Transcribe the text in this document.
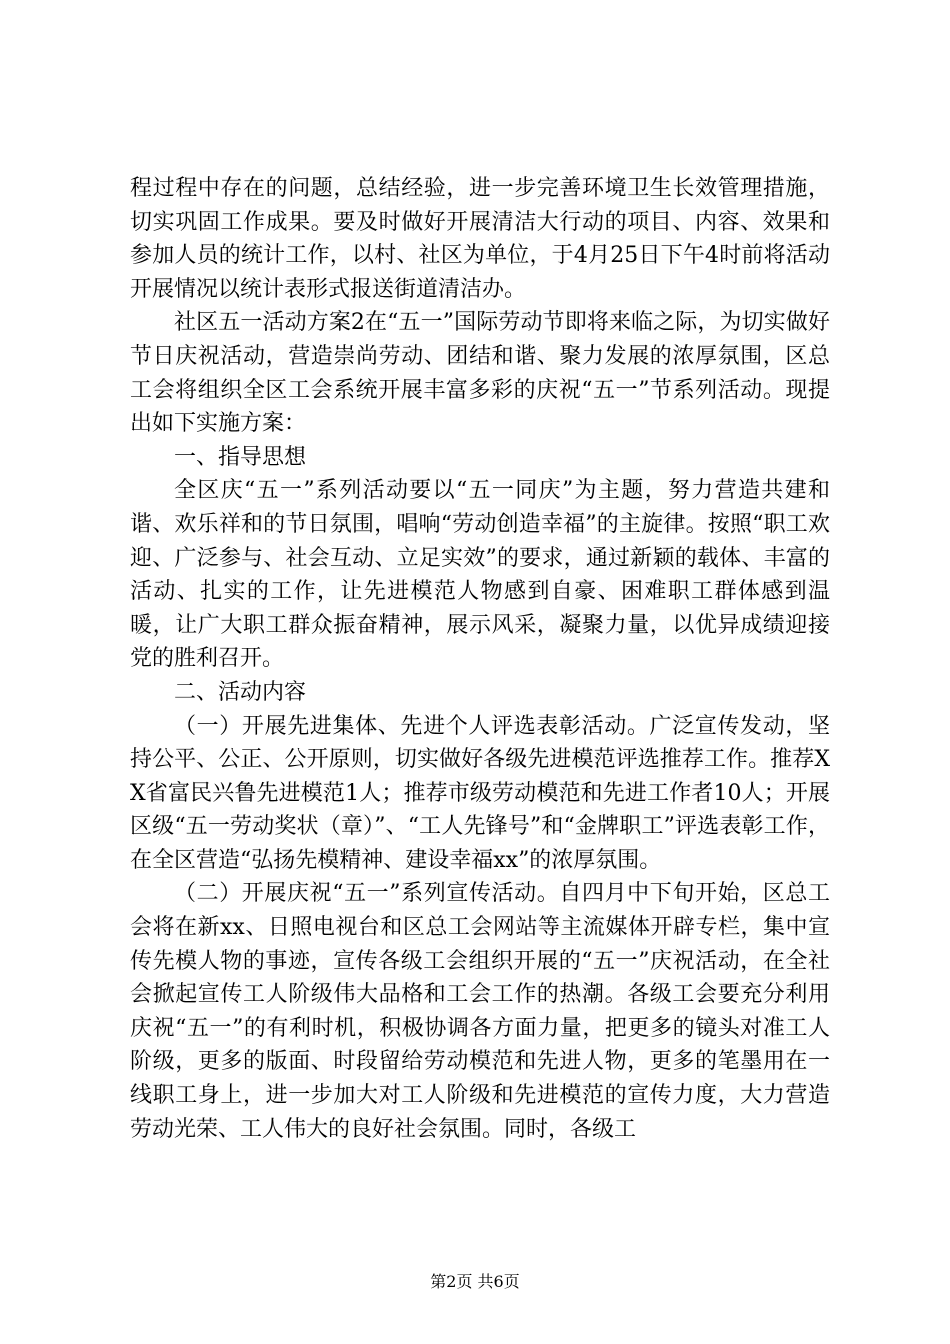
程过程中存在的问题，总结经验，进一步完善环境卫生长效管理措施，切实巩固工作成果。要及时做好开展清洁大行动的项目、内容、效果和参加人员的统计工作，以村、社区为单位，于4月25日下午4时前将活动开展情况以统计表形式报送街道清洁办。

社区五一活动方案2在“五一”国际劳动节即将来临之际，为切实做好节日庆祝活动，营造崇尚劳动、团结和谐、聚力发展的浓厚氛围，区总工会将组织全区工会系统开展丰富多彩的庆祝“五一”节系列活动。现提出如下实施方案：

一、指导思想

全区庆“五一”系列活动要以“五一同庆”为主题，努力营造共建和谐、欢乐祥和的节日氛围，唱响“劳动创造幸福”的主旋律。按照“职工欢迎、广泛参与、社会互动、立足实效”的要求，通过新颖的载体、丰富的活动、扎实的工作，让先进模范人物感到自豪、困难职工群体感到温暖，让广大职工群众振奋精神，展示风采，凝聚力量，以优异成绩迎接党的胜利召开。

二、活动内容

（一）开展先进集体、先进个人评选表彰活动。广泛宣传发动，坚持公平、公正、公开原则，切实做好各级先进模范评选推荐工作。推荐XX省富民兴鲁先进模范1人；推荐市级劳动模范和先进工作者10人；开展区级“五一劳动奖状（章）”、“工人先锋号”和“金牌职工”评选表彰工作，在全区营造“弘扬先模精神、建设幸福xx”的浓厚氛围。

（二）开展庆祝“五一”系列宣传活动。自四月中下旬开始，区总工会将在新xx、日照电视台和区总工会网站等主流媒体开辟专栏，集中宣传先模人物的事迹，宣传各级工会组织开展的“五一”庆祝活动，在全社会掀起宣传工人阶级伟大品格和工会工作的热潮。各级工会要充分利用庆祝“五一”的有利时机，积极协调各方面力量，把更多的镜头对准工人阶级，更多的版面、时段留给劳动模范和先进人物，更多的笔墨用在一线职工身上，进一步加大对工人阶级和先进模范的宣传力度，大力营造劳动光荣、工人伟大的良好社会氛围。同时，各级工

第2页 共6页
